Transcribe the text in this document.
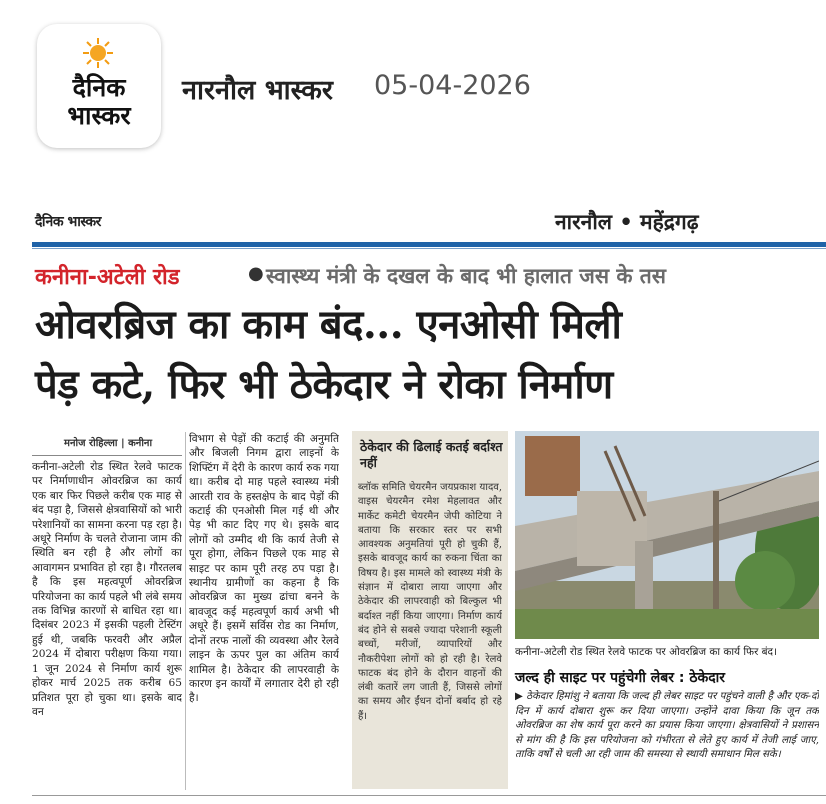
दैनिक भास्कर
नारनौल भास्कर 05-04-2026
दैनिक भास्कर	नारनौल • महेंद्रगढ़
कनीना-अटेली रोड	● स्वास्थ्य मंत्री के दखल के बाद भी हालात जस के तस
ओवरब्रिज का काम बंद... एनओसी मिली
पेड़ कटे, फिर भी ठेकेदार ने रोका निर्माण
मनोज रोहिल्ला | कनीना
कनीना-अटेली रोड स्थित रेलवे फाटक पर निर्माणाधीन ओवरब्रिज का कार्य एक बार फिर पिछले करीब एक माह से बंद पड़ा है, जिससे क्षेत्रवासियों को भारी परेशानियों का सामना करना पड़ रहा है। अधूरे निर्माण के चलते रोजाना जाम की स्थिति बन रही है और लोगों का आवागमन प्रभावित हो रहा है। गौरतलब है कि इस महत्वपूर्ण ओवरब्रिज परियोजना का कार्य पहले भी लंबे समय तक विभिन्न कारणों से बाधित रहा था। दिसंबर 2023 में इसकी पहली टेस्टिंग हुई थी, जबकि फरवरी और अप्रैल 2024 में दोबारा परीक्षण किया गया। 1 जून 2024 से निर्माण कार्य शुरू होकर मार्च 2025 तक करीब 65 प्रतिशत पूरा हो चुका था। इसके बाद वन
विभाग से पेड़ों की कटाई की अनुमति और बिजली निगम द्वारा लाइनों के शिफ्टिंग में देरी के कारण कार्य रुक गया था। करीब दो माह पहले स्वास्थ्य मंत्री आरती राव के हस्तक्षेप के बाद पेड़ों की कटाई की एनओसी मिल गई थी और पेड़ भी काट दिए गए थे। इसके बाद लोगों को उम्मीद थी कि कार्य तेजी से पूरा होगा, लेकिन पिछले एक माह से साइट पर काम पूरी तरह ठप पड़ा है। स्थानीय ग्रामीणों का कहना है कि ओवरब्रिज का मुख्य ढांचा बनने के बावजूद कई महत्वपूर्ण कार्य अभी भी अधूरे हैं। इसमें सर्विस रोड का निर्माण, दोनों तरफ नालों की व्यवस्था और रेलवे लाइन के ऊपर पुल का अंतिम कार्य शामिल है। ठेकेदार की लापरवाही के कारण इन कार्यों में लगातार देरी हो रही है।
ठेकेदार की ढिलाई कतई बर्दाश्त नहीं
ब्लॉक समिति चेयरमैन जयप्रकाश यादव, वाइस चेयरमैन रमेश मेहलावत और मार्केट कमेटी चेयरमैन जेपी कोटिया ने बताया कि सरकार स्तर पर सभी आवश्यक अनुमतियां पूरी हो चुकी हैं, इसके बावजूद कार्य का रुकना चिंता का विषय है। इस मामले को स्वास्थ्य मंत्री के संज्ञान में दोबारा लाया जाएगा और ठेकेदार की लापरवाही को बिल्कुल भी बर्दाश्त नहीं किया जाएगा। निर्माण कार्य बंद होने से सबसे ज्यादा परेशानी स्कूली बच्चों, मरीजों, व्यापारियों और नौकरीपेशा लोगों को हो रही है। रेलवे फाटक बंद होने के दौरान वाहनों की लंबी कतारें लग जाती हैं, जिससे लोगों का समय और ईंधन दोनों बर्बाद हो रहे हैं।
कनीना-अटेली रोड स्थित रेलवे फाटक पर ओवरब्रिज का कार्य फिर बंद।
जल्द ही साइट पर पहुंचेगी लेबर : ठेकेदार
▶ ठेकेदार हिमांशु ने बताया कि जल्द ही लेबर साइट पर पहुंचने वाली है और एक-दो दिन में कार्य दोबारा शुरू कर दिया जाएगा। उन्होंने दावा किया कि जून तक ओवरब्रिज का शेष कार्य पूरा करने का प्रयास किया जाएगा। क्षेत्रवासियों ने प्रशासन से मांग की है कि इस परियोजना को गंभीरता से लेते हुए कार्य में तेजी लाई जाए, ताकि वर्षों से चली आ रही जाम की समस्या से स्थायी समाधान मिल सके।
